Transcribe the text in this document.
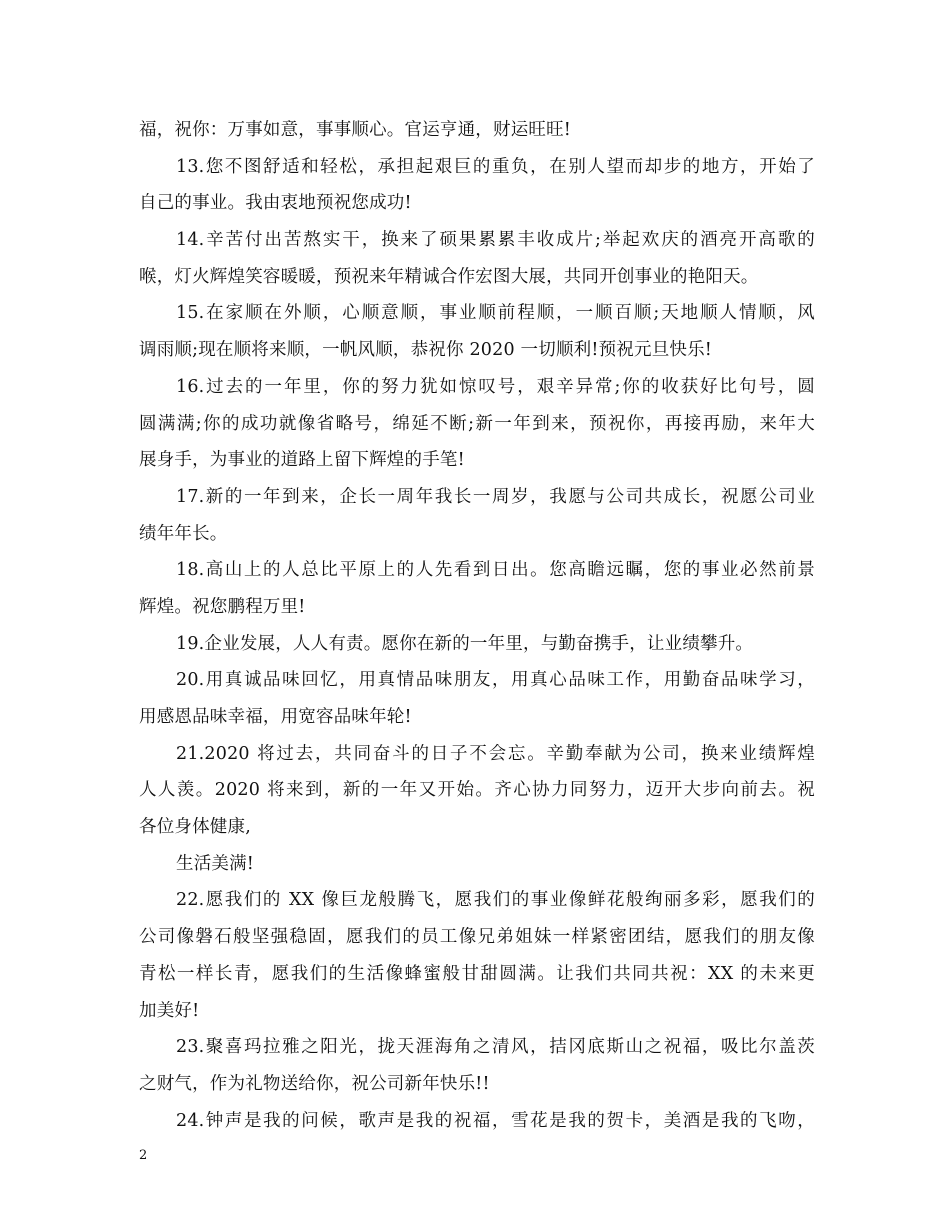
福，祝你：万事如意，事事顺心。官运亨通，财运旺旺!
13.您不图舒适和轻松，承担起艰巨的重负，在别人望而却步的地方，开始了
自己的事业。我由衷地预祝您成功!
14.辛苦付出苦熬实干，换来了硕果累累丰收成片;举起欢庆的酒亮开高歌的
喉，灯火辉煌笑容暖暖，预祝来年精诚合作宏图大展，共同开创事业的艳阳天。
15.在家顺在外顺，心顺意顺，事业顺前程顺，一顺百顺;天地顺人情顺，风
调雨顺;现在顺将来顺，一帆风顺，恭祝你 2020 一切顺利!预祝元旦快乐!
16.过去的一年里，你的努力犹如惊叹号，艰辛异常;你的收获好比句号，圆
圆满满;你的成功就像省略号，绵延不断;新一年到来，预祝你，再接再励，来年大
展身手，为事业的道路上留下辉煌的手笔!
17.新的一年到来，企长一周年我长一周岁，我愿与公司共成长，祝愿公司业
绩年年长。
18.高山上的人总比平原上的人先看到日出。您高瞻远瞩，您的事业必然前景
辉煌。祝您鹏程万里!
19.企业发展，人人有责。愿你在新的一年里，与勤奋携手，让业绩攀升。
20.用真诚品味回忆，用真情品味朋友，用真心品味工作，用勤奋品味学习，
用感恩品味幸福，用宽容品味年轮!
21.2020 将过去，共同奋斗的日子不会忘。辛勤奉献为公司，换来业绩辉煌
人人羡。2020 将来到，新的一年又开始。齐心协力同努力，迈开大步向前去。祝
各位身体健康,
生活美满!
22.愿我们的 XX 像巨龙般腾飞，愿我们的事业像鲜花般绚丽多彩，愿我们的
公司像磐石般坚强稳固，愿我们的员工像兄弟姐妹一样紧密团结，愿我们的朋友像
青松一样长青，愿我们的生活像蜂蜜般甘甜圆满。让我们共同共祝：XX 的未来更
加美好!
23.聚喜玛拉雅之阳光，拢天涯海角之清风，拮冈底斯山之祝福，吸比尔盖茨
之财气，作为礼物送给你，祝公司新年快乐!!
24.钟声是我的问候，歌声是我的祝福，雪花是我的贺卡，美酒是我的飞吻，
2
